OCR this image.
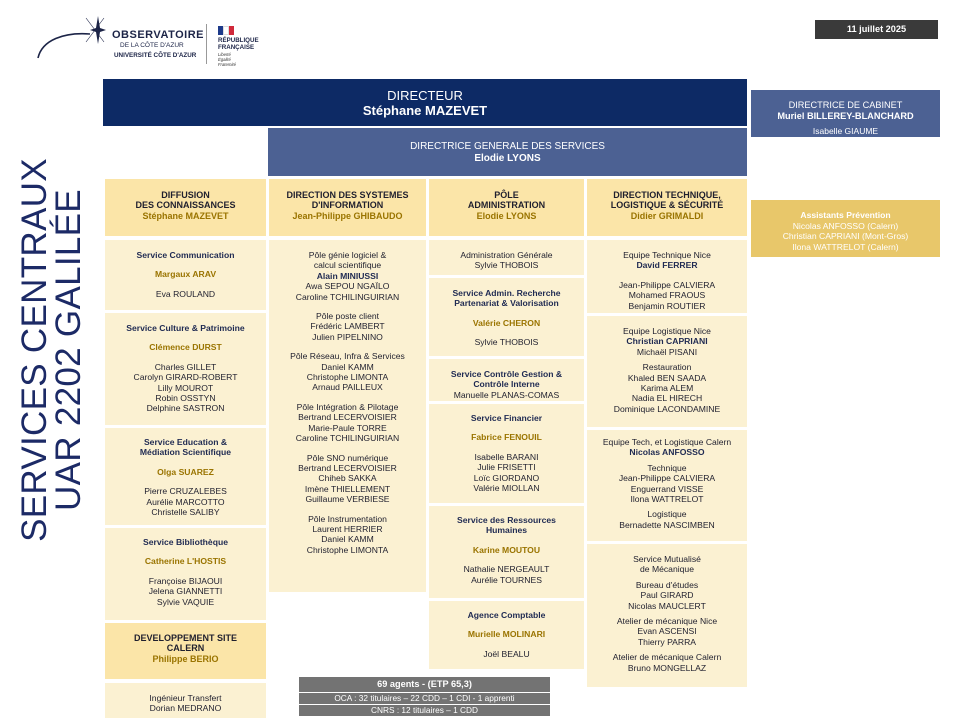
OBSERVATOIRE
DE LA CÔTE D'AZUR
UNIVERSITÉ CÔTE D'AZUR
RÉPUBLIQUE
FRANÇAISE
Liberté
Égalité
Fraternité
11 juillet 2025
SERVICES CENTRAUX
UAR 2202 GALILÉE
DIRECTEUR
Stéphane MAZEVET	DIRECTRICE DE CABINET
Muriel BILLEREY-BLANCHARD
Isabelle GIAUME
DIRECTRICE GENERALE DES SERVICES
Elodie LYONS
Assistants Prévention
Nicolas ANFOSSO (Calern)
Christian CAPRIANI (Mont-Gros)
Ilona WATTRELOT (Calern)
DIFFUSION
DES CONNAISSANCES
Stéphane MAZEVET
DIRECTION DES SYSTEMES
D'INFORMATION
Jean-Philippe GHIBAUDO
PÔLE
ADMINISTRATION
Elodie LYONS
DIRECTION TECHNIQUE,
LOGISTIQUE & SÉCURITÉ
Didier GRIMALDI
Service Communication
Margaux ARAV
Eva ROULAND
Service Culture & Patrimoine
Clémence DURST
Charles GILLET
Carolyn GIRARD-ROBERT
Lilly MOUROT
Robin OSSTYN
Delphine SASTRON
Service Education &
Médiation Scientifique
Olga SUAREZ
Pierre CRUZALEBES
Aurélie MARCOTTO
Christelle SALIBY
Service Bibliothèque
Catherine L'HOSTIS
Françoise BIJAOUI
Jelena GIANNETTI
Sylvie VAQUIE
DEVELOPPEMENT SITE
CALERN
Philippe BERIO
Ingénieur Transfert
Dorian MEDRANO
Pôle génie logiciel &
calcul scientifique
Alain MINIUSSI
Awa SEPOU NGAÏLO
Caroline TCHILINGUIRIAN
Pôle poste client
Frédéric LAMBERT
Julien PIPELNINO
Pôle Réseau, Infra & Services
Daniel KAMM
Christophe LIMONTA
Arnaud PAILLEUX
Pôle Intégration & Pilotage
Bertrand LECERVOISIER
Marie-Paule TORRE
Caroline TCHILINGUIRIAN
Pôle SNO numérique
Bertrand LECERVOISIER
Chiheb SAKKA
Imène THIELLEMENT
Guillaume VERBIESE
Pôle Instrumentation
Laurent HERRIER
Daniel KAMM
Christophe LIMONTA
Administration Générale
Sylvie THOBOIS
Service Admin. Recherche
Partenariat & Valorisation
Valérie CHERON
Sylvie THOBOIS
Service Contrôle Gestion &
Contrôle Interne
Manuelle PLANAS-COMAS
Service Financier
Fabrice FENOUIL
Isabelle BARANI
Julie FRISETTI
Loïc GIORDANO
Valérie MIOLLAN
Service des Ressources
Humaines
Karine MOUTOU
Nathalie NERGEAULT
Aurélie TOURNES
Agence Comptable
Murielle MOLINARI
Joël BEALU
Equipe Technique Nice
David FERRER
Jean-Philippe CALVIERA
Mohamed FRAOUS
Benjamin ROUTIER
Equipe Logistique Nice
Christian CAPRIANI
Michaël PISANI
Restauration
Khaled BEN SAADA
Karima ALEM
Nadia EL HIRECH
Dominique LACONDAMINE
Equipe Tech, et Logistique Calern
Nicolas ANFOSSO
Technique
Jean-Philippe CALVIERA
Enguerrand VISSE
Ilona WATTRELOT
Logistique
Bernadette NASCIMBEN
Service Mutualisé
de Mécanique
Bureau d'études
Paul GIRARD
Nicolas MAUCLERT
Atelier de mécanique Nice
Evan ASCENSI
Thierry PARRA
Atelier de mécanique Calern
Bruno MONGELLAZ
69 agents - (ETP 65,3)
OCA : 32 titulaires – 22 CDD – 1 CDI - 1 apprenti
CNRS : 12 titulaires – 1 CDD
